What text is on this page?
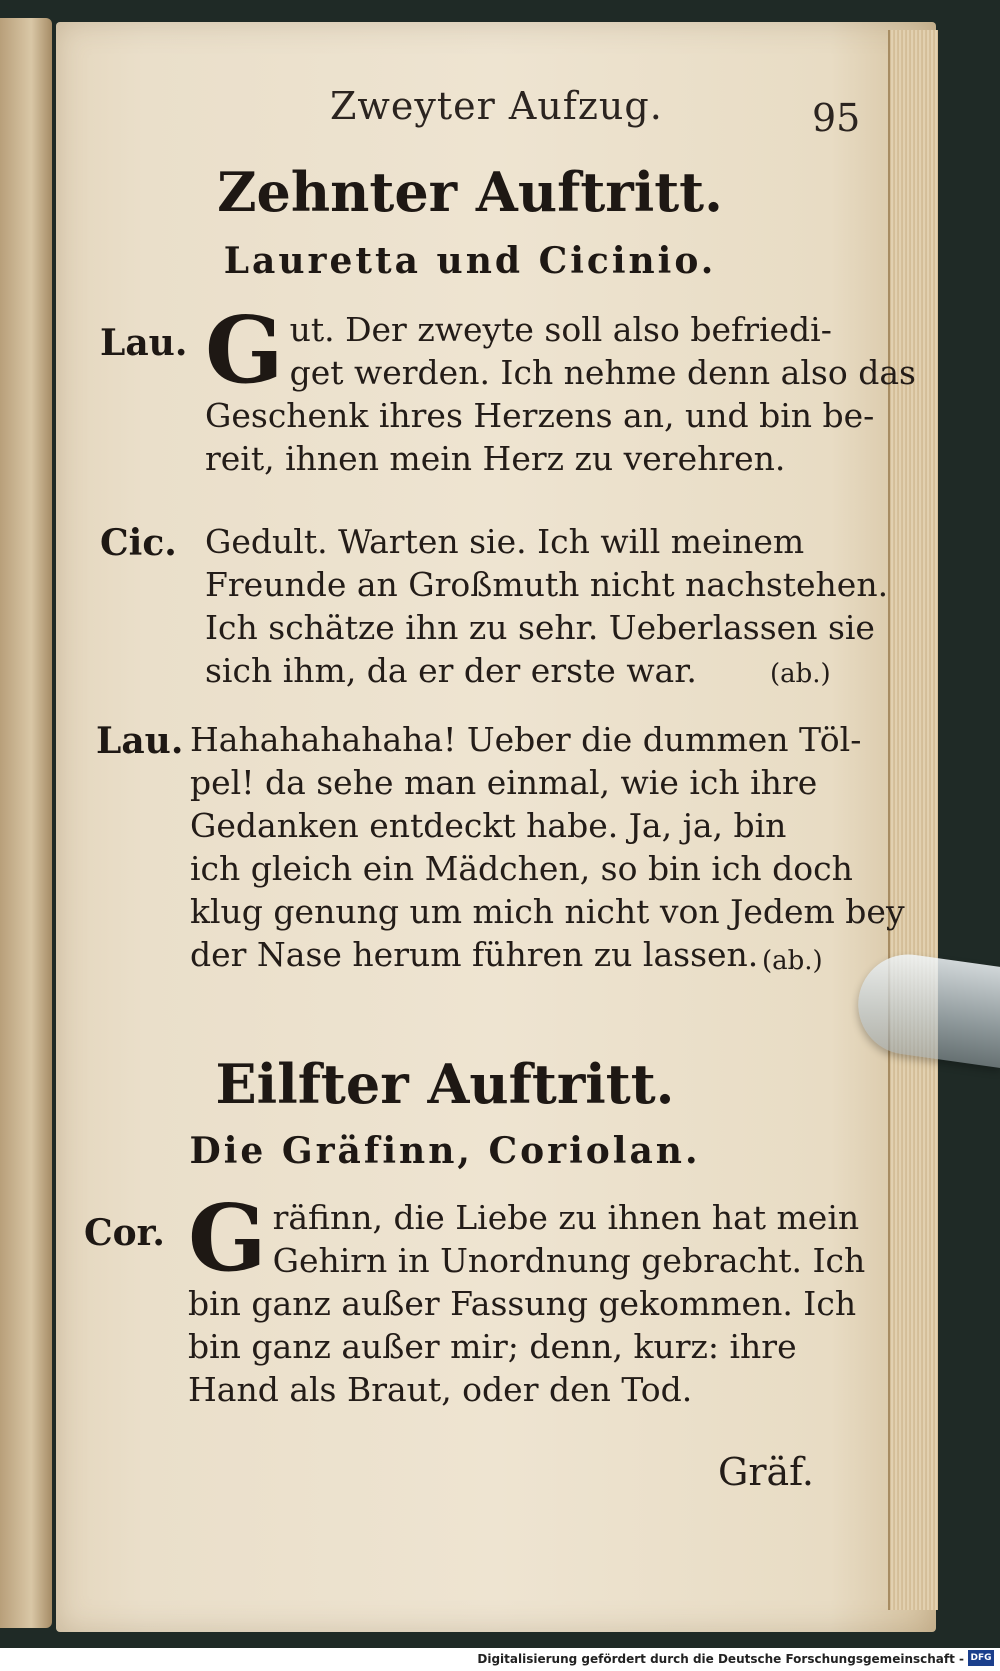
Zweyter Aufzug.	95
Zehnter Auftritt.
Lauretta und Cicinio.
Lau. G ut. Der zweyte soll also befriedi-
get werden. Ich nehme denn also das
Geschenk ihres Herzens an, und bin be-
reit, ihnen mein Herz zu verehren.
Cic. Gedult. Warten sie. Ich will meinem
Freunde an Großmuth nicht nachstehen.
Ich schätze ihn zu sehr. Ueberlassen sie
sich ihm, da er der erste war.	(ab.)
Lau. Hahahahahaha! Ueber die dummen Töl-
pel! da sehe man einmal, wie ich ihre
Gedanken entdeckt habe. Ja, ja, bin
ich gleich ein Mädchen, so bin ich doch
klug genung um mich nicht von Jedem bey
der Nase herum führen zu lassen. (ab.)
Eilfter Auftritt.
Die Gräfinn, Coriolan.
Cor. G räfinn, die Liebe zu ihnen hat mein
Gehirn in Unordnung gebracht. Ich
bin ganz außer Fassung gekommen. Ich
bin ganz außer mir; denn, kurz: ihre
Hand als Braut, oder den Tod.
Gräf.
Digitalisierung gefördert durch die Deutsche Forschungsgemeinschaft - DFG
